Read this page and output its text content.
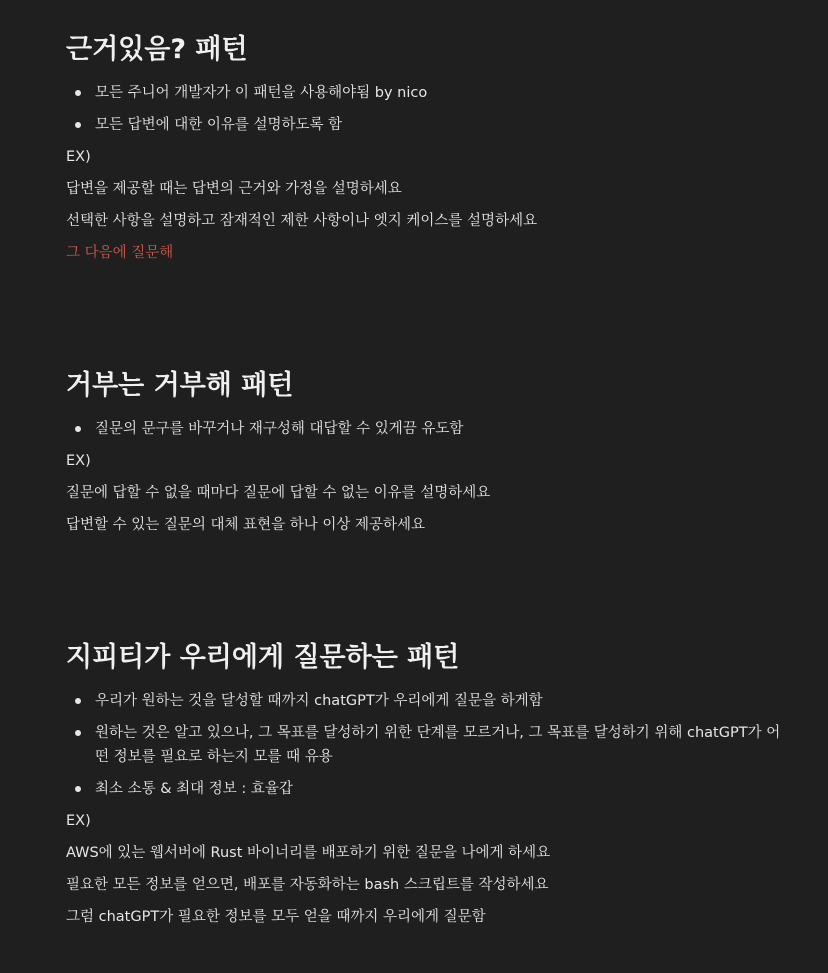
근거있음? 패턴
모든 주니어 개발자가 이 패턴을 사용해야됨 by nico
모든 답변에 대한 이유를 설명하도록 함
EX)
답변을 제공할 때는 답변의 근거와 가정을 설명하세요
선택한 사항을 설명하고 잠재적인 제한 사항이나 엣지 케이스를 설명하세요
그 다음에 질문해
거부는 거부해 패턴
질문의 문구를 바꾸거나 재구성해 대답할 수 있게끔 유도함
EX)
질문에 답할 수 없을 때마다 질문에 답할 수 없는 이유를 설명하세요
답변할 수 있는 질문의 대체 표현을 하나 이상 제공하세요
지피티가 우리에게 질문하는 패턴
우리가 원하는 것을 달성할 때까지 chatGPT가 우리에게 질문을 하게함
원하는 것은 알고 있으나, 그 목표를 달성하기 위한 단계를 모르거나, 그 목표를 달성하기 위해 chatGPT가 어떤 정보를 필요로 하는지 모를 때 유용
최소 소통 & 최대 정보 : 효율갑
EX)
AWS에 있는 웹서버에 Rust 바이너리를 배포하기 위한 질문을 나에게 하세요
필요한 모든 정보를 얻으면, 배포를 자동화하는 bash 스크립트를 작성하세요
그럼 chatGPT가 필요한 정보를 모두 얻을 때까지 우리에게 질문함
